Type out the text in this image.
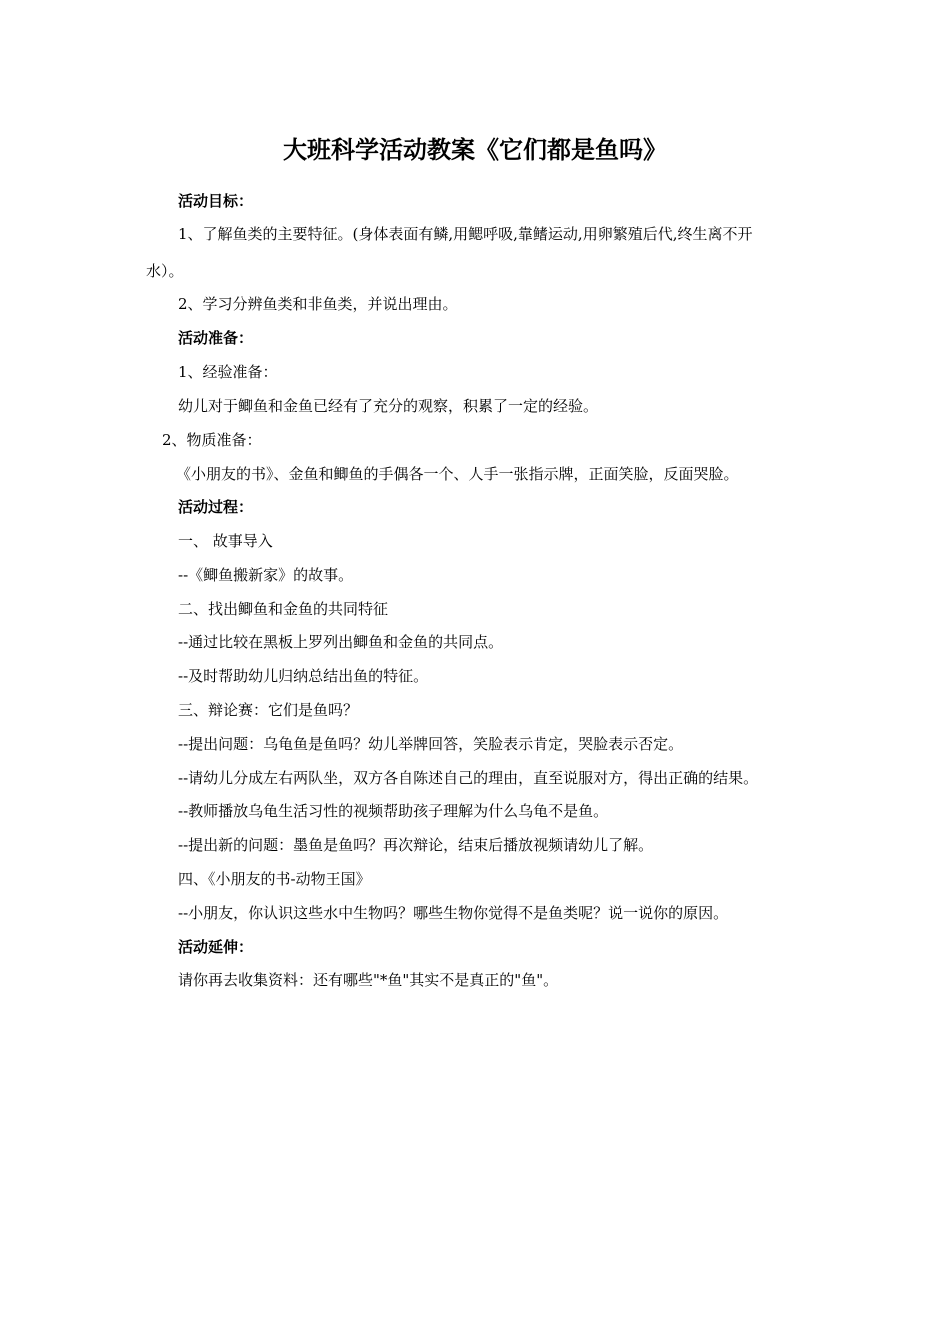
大班科学活动教案《它们都是鱼吗》
活动目标：
1、了解鱼类的主要特征。(身体表面有鳞,用鳃呼吸,靠鳍运动,用卵繁殖后代,终生离不开
水）。
2、学习分辨鱼类和非鱼类，并说出理由。
活动准备：
1、经验准备：
幼儿对于鲫鱼和金鱼已经有了充分的观察，积累了一定的经验。
2、物质准备：
《小朋友的书》、金鱼和鲫鱼的手偶各一个、人手一张指示牌，正面笑脸，反面哭脸。
活动过程：
一、 故事导入
--《鲫鱼搬新家》的故事。
二、找出鲫鱼和金鱼的共同特征
--通过比较在黑板上罗列出鲫鱼和金鱼的共同点。
--及时帮助幼儿归纳总结出鱼的特征。
三、辩论赛：它们是鱼吗？
--提出问题：乌龟鱼是鱼吗？幼儿举牌回答，笑脸表示肯定，哭脸表示否定。
--请幼儿分成左右两队坐，双方各自陈述自己的理由，直至说服对方，得出正确的结果。
--教师播放乌龟生活习性的视频帮助孩子理解为什么乌龟不是鱼。
--提出新的问题：墨鱼是鱼吗？再次辩论，结束后播放视频请幼儿了解。
四、《小朋友的书-动物王国》
--小朋友，你认识这些水中生物吗？哪些生物你觉得不是鱼类呢？说一说你的原因。
活动延伸：
请你再去收集资料：还有哪些"*鱼"其实不是真正的"鱼"。
